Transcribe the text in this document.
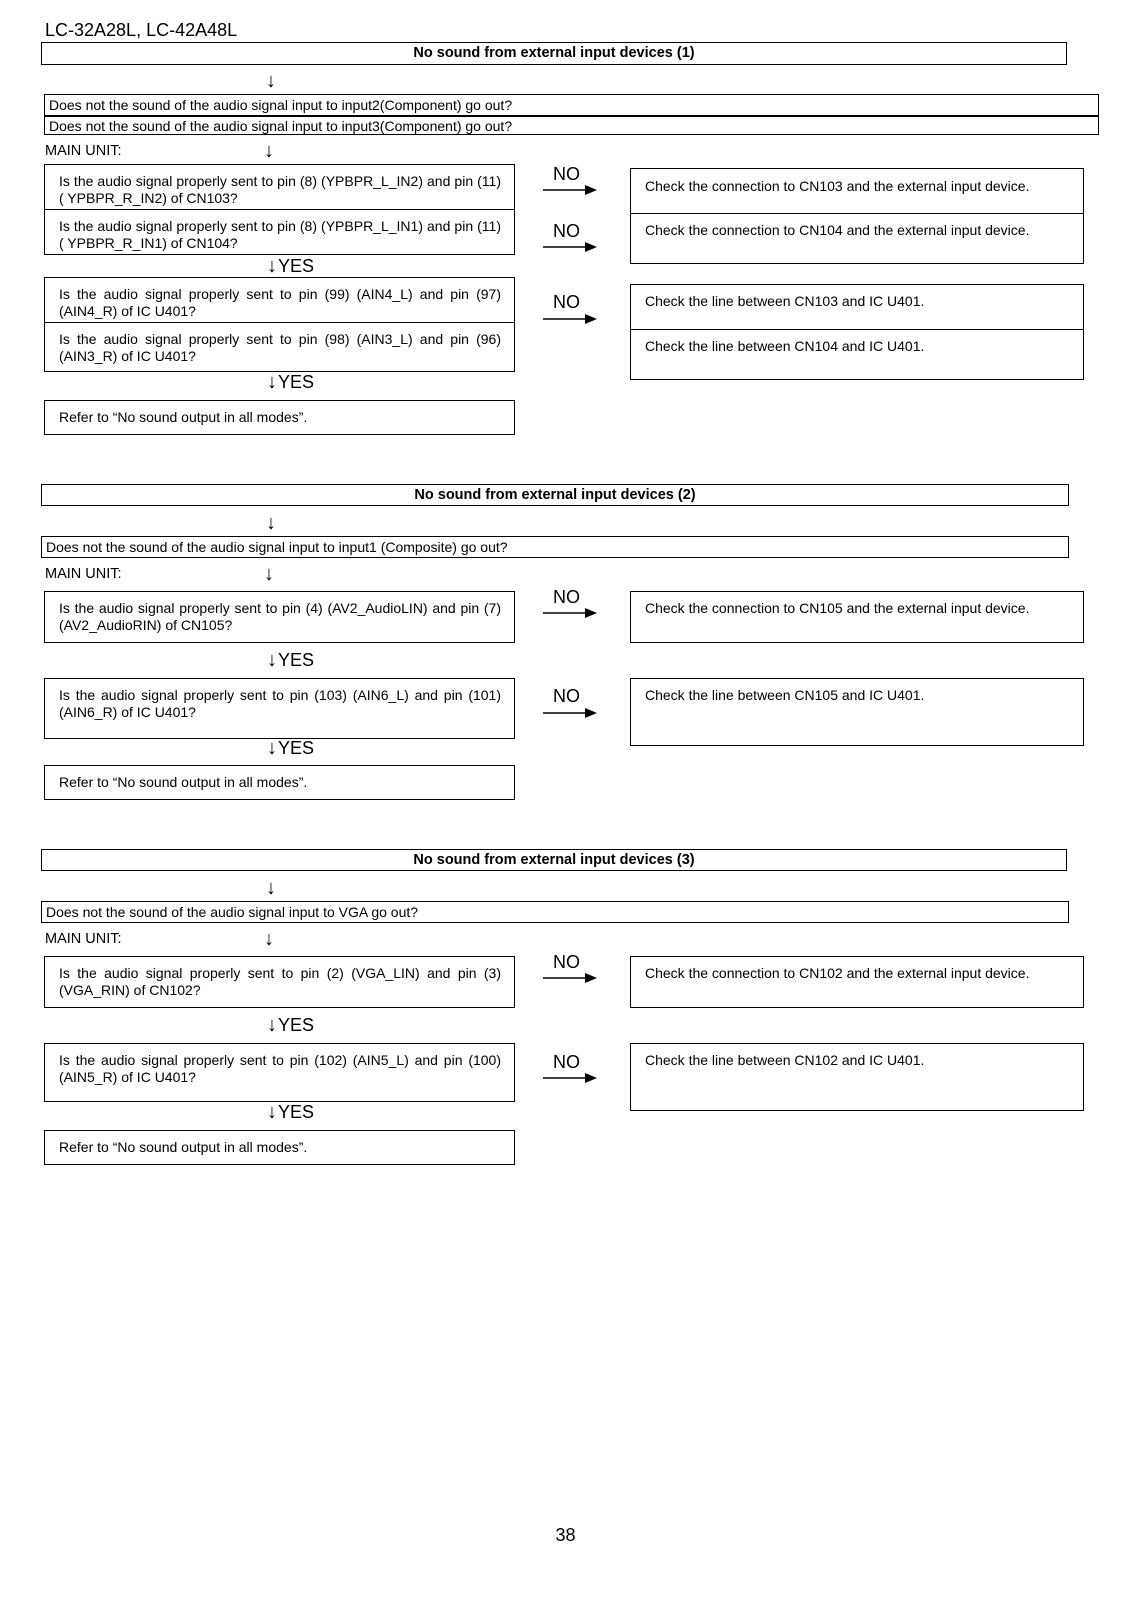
LC-32A28L, LC-42A48L
No sound from external input devices (1)
↓
Does not the sound of the audio signal input to input2(Component) go out?
Does not the sound of the audio signal input to input3(Component) go out?
MAIN UNIT:	↓
Is the audio signal properly sent to pin (8) (YPBPR_L_IN2) and pin (11)( YPBPR_R_IN2) of CN103?
Is the audio signal properly sent to pin (8) (YPBPR_L_IN1) and pin (11)( YPBPR_R_IN1) of CN104?
NO
NO
Check the connection to CN103 and the external input device.
Check the connection to CN104 and the external input device.
↓ YES
Is the audio signal properly sent to pin (99) (AIN4_L) and pin (97) (AIN4_R) of IC U401?
Is the audio signal properly sent to pin (98) (AIN3_L) and pin (96) (AIN3_R) of IC U401?
NO	Check the line between CN103 and IC U401.
Check the line between CN104 and IC U401.
↓ YES
Refer to “No sound output in all modes”.
No sound from external input devices (2)
↓
Does not the sound of the audio signal input to input1 (Composite) go out?
MAIN UNIT:	↓
Is the audio signal properly sent to pin (4) (AV2_AudioLIN) and pin (7) (AV2_AudioRIN) of CN105?
NO
Check the connection to CN105 and the external input device.
↓ YES
Is the audio signal properly sent to pin (103) (AIN6_L) and pin (101) (AIN6_R) of IC U401?
NO	Check the line between CN105 and IC U401.
↓ YES
Refer to “No sound output in all modes”.
No sound from external input devices (3)
↓
Does not the sound of the audio signal input to VGA go out?
MAIN UNIT:	↓
Is the audio signal properly sent to pin (2) (VGA_LIN) and pin (3) (VGA_RIN) of CN102?
NO
Check the connection to CN102 and the external input device.
↓ YES
Is the audio signal properly sent to pin (102) (AIN5_L) and pin (100) (AIN5_R) of IC U401?
NO	Check the line between CN102 and IC U401.
↓ YES
Refer to “No sound output in all modes”.
38
